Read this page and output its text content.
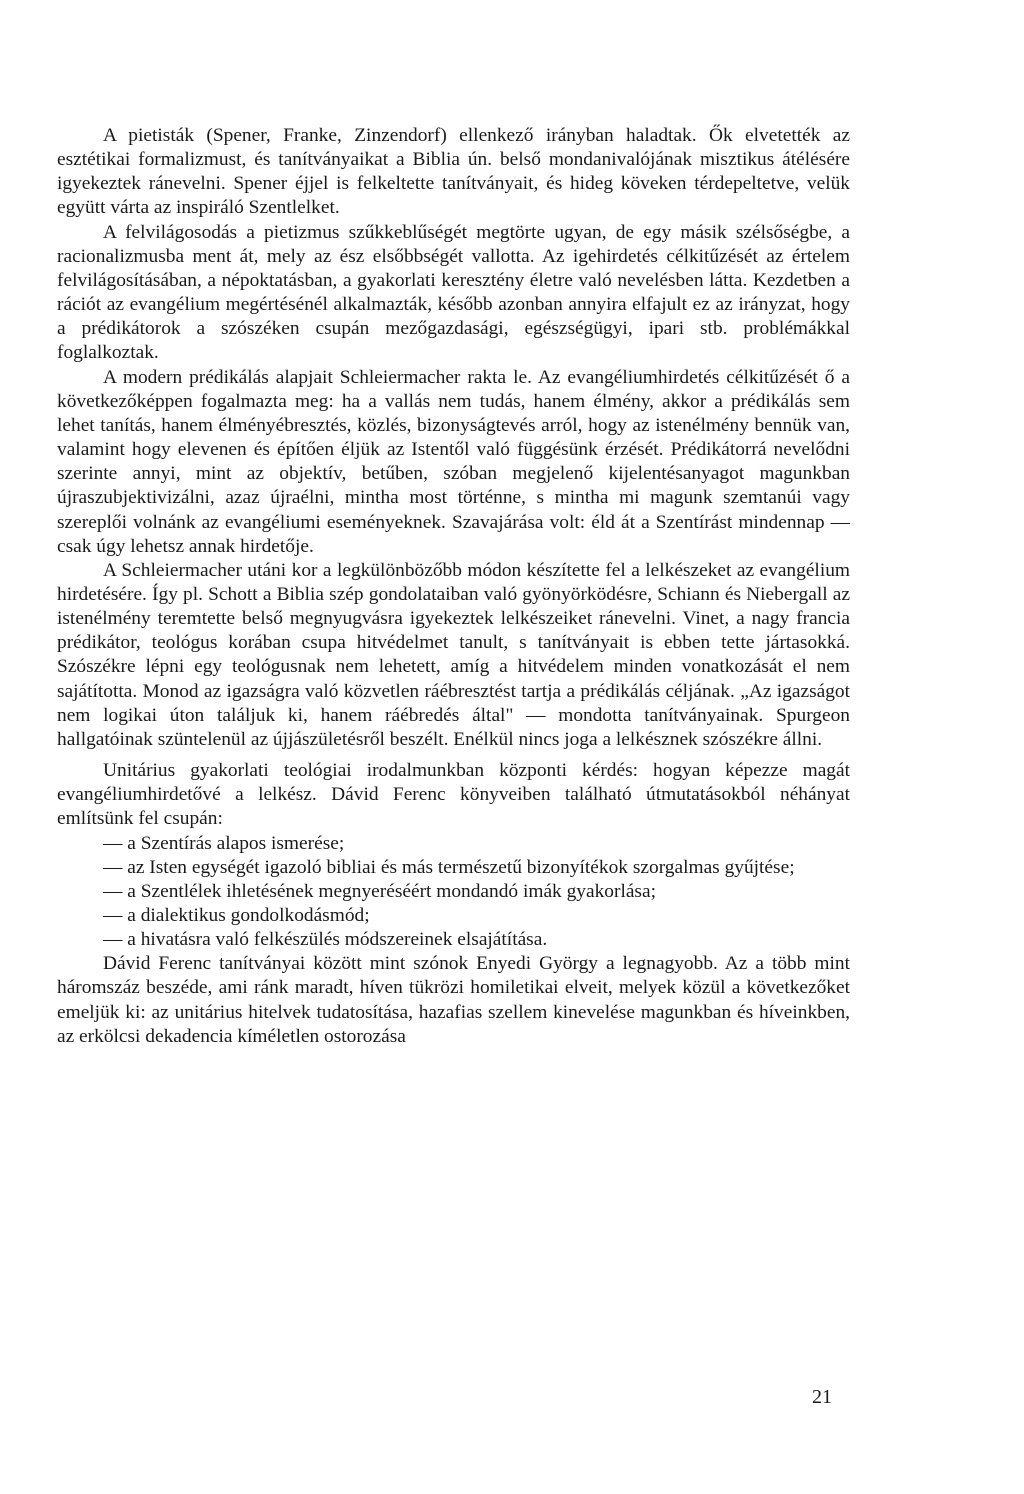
A pietisták (Spener, Franke, Zinzendorf) ellenkező irányban haladtak. Ők elvetették az esztétikai formalizmust, és tanítványaikat a Biblia ún. belső mondanivalójának misztikus átélésére igyekeztek ránevelni. Spener éjjel is felkeltette tanítványait, és hideg köveken térdepeltetve, velük együtt várta az inspiráló Szentlelket.

A felvilágosodás a pietizmus szűkkeblűségét megtörte ugyan, de egy másik szélsőségbe, a racionalizmusba ment át, mely az ész elsőbbségét vallotta. Az igehirdetés célkitűzését az értelem felvilágosításában, a népoktatásban, a gyakorlati keresztény életre való nevelésben látta. Kezdetben a rációt az evangélium megértésénél alkalmazták, később azonban annyira elfajult ez az irányzat, hogy a prédikátorok a szószéken csupán mezőgazdasági, egészségügyi, ipari stb. problémákkal foglalkoztak.

A modern prédikálás alapjait Schleiermacher rakta le. Az evangéliumhirdetés célkitűzését ő a következőképpen fogalmazta meg: ha a vallás nem tudás, hanem élmény, akkor a prédikálás sem lehet tanítás, hanem élményébresztés, közlés, bizonyságtevés arról, hogy az istenélmény bennük van, valamint hogy elevenen és építően éljük az Istentől való függésünk érzését. Prédikátorrá nevelődni szerinte annyi, mint az objektív, betűben, szóban megjelenő kijelentésanyagot magunkban újraszubjektivizálni, azaz újraélni, mintha most történne, s mintha mi magunk szemtanúi vagy szereplői volnánk az evangéliumi eseményeknek. Szavajárása volt: éld át a Szentírást mindennap — csak úgy lehetsz annak hirdetője.

A Schleiermacher utáni kor a legkülönbözőbb módon készítette fel a lelkészeket az evangélium hirdetésére. Így pl. Schott a Biblia szép gondolataiban való gyönyörködésre, Schiann és Niebergall az istenélmény teremtette belső megnyugvásra igyekeztek lelkészeiket ránevelni. Vinet, a nagy francia prédikátor, teológus korában csupa hitvédelmet tanult, s tanítványait is ebben tette jártasokká. Szószékre lépni egy teológusnak nem lehetett, amíg a hitvédelem minden vonatkozását el nem sajátította. Monod az igazságra való közvetlen ráébresztést tartja a prédikálás céljának. „Az igazságot nem logikai úton találjuk ki, hanem ráébredés által" — mondotta tanítványainak. Spurgeon hallgatóinak szüntelenül az újjászületésről beszélt. Enélkül nincs joga a lelkésznek szószékre állni.

Unitárius gyakorlati teológiai irodalmunkban központi kérdés: hogyan képezze magát evangéliumhirdetővé a lelkész. Dávid Ferenc könyveiben található útmutatásokból néhányat említsünk fel csupán:

— a Szentírás alapos ismerése;

— az Isten egységét igazoló bibliai és más természetű bizonyítékok szorgalmas gyűjtése;

— a Szentlélek ihletésének megnyeréséért mondandó imák gyakorlása;

— a dialektikus gondolkodásmód;

— a hivatásra való felkészülés módszereinek elsajátítása.

Dávid Ferenc tanítványai között mint szónok Enyedi György a legnagyobb. Az a több mint háromszáz beszéde, ami ránk maradt, híven tükrözi homiletikai elveit, melyek közül a következőket emeljük ki: az unitárius hitelvek tudatosítása, hazafias szellem kinevelése magunkban és híveinkben, az erkölcsi dekadencia kíméletlen ostorozása

21
